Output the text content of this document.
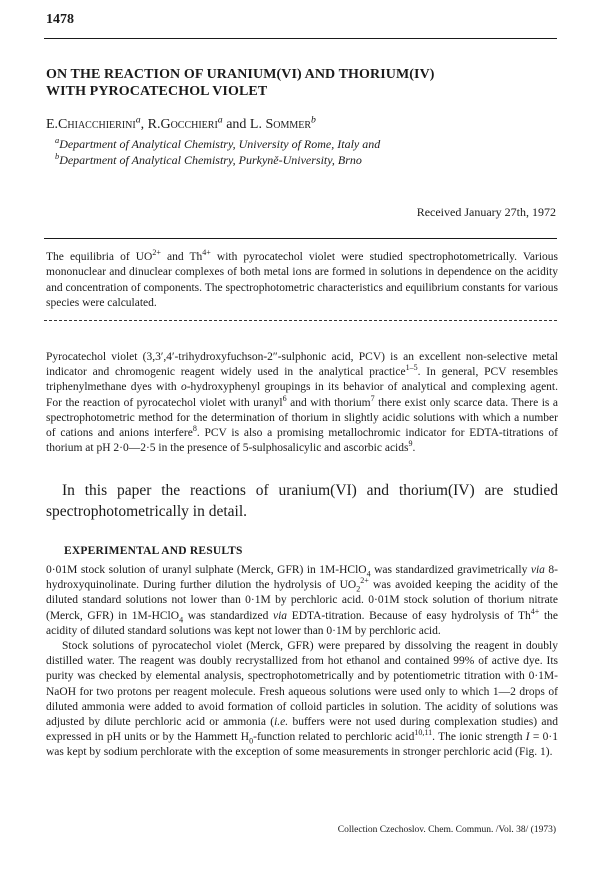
1478
ON THE REACTION OF URANIUM(VI) AND THORIUM(IV)
WITH PYROCATECHOL VIOLET
E.Chiacchierini$^a$, R.Gocchieri$^a$ and L. Sommer$^b$
$^a$Department of Analytical Chemistry, University of Rome, Italy and
$^b$Department of Analytical Chemistry, Purkyně-University, Brno
Received January 27th, 1972

The equilibria of $UO^{2+}$ and $Th^{4+}$ with pyrocatechol violet were studied spectrophotometrically. Various mononuclear and dinuclear complexes of both metal ions are formed in solutions in dependence on the acidity and concentration of components. The spectrophotometric characteristics and equilibrium constants for various species were calculated.

Pyrocatechol violet (3,3′,4′-trihydroxyfuchson-2″-sulphonic acid, PCV) is an excellent non-selective metal indicator and chromogenic reagent widely used in the analytical practice$^{1-5}$. In general, PCV resembles triphenylmethane dyes with o-hydroxyphenyl groupings in its behavior of analytical and complexing agent. For the reaction of pyrocatechol violet with uranyl$^6$ and with thorium$^7$ there exist only scarce data. There is a spectrophotometric method for the determination of thorium in slightly acidic solutions with which a number of cations and anions interfere$^8$. PCV is also a promising metallochromic indicator for EDTA-titrations of thorium at pH 2·0—2·5 in the presence of 5-sulphosalicylic and ascorbic acids$^9$.

In this paper the reactions of uranium(VI) and thorium(IV) are studied spectrophotometrically in detail.
EXPERIMENTAL AND RESULTS

0·01M stock solution of uranyl sulphate (Merck, GFR) in 1M-HClO$_4$ was standardized gravimetrically via 8-hydroxyquinolinate. During further dilution the hydrolysis of $UO_2^{2+}$ was avoided keeping the acidity of the diluted standard solutions not lower than 0·1M by perchloric acid. 0·01M stock solution of thorium nitrate (Merck, GFR) in 1M-HClO$_4$ was standardized via EDTA-titration. Because of easy hydrolysis of $Th^{4+}$ the acidity of diluted standard solutions was kept not lower than 0·1M by perchloric acid.

Stock solutions of pyrocatechol violet (Merck, GFR) were prepared by dissolving the reagent in doubly distilled water. The reagent was doubly recrystallized from hot ethanol and contained 99% of active dye. Its purity was checked by elemental analysis, spectrophotometrically and by potentiometric titration with 0·1M-NaOH for two protons per reagent molecule. Fresh aqueous solutions were used only to which 1—2 drops of diluted ammonia were added to avoid formation of colloid particles in solution. The acidity of solutions was adjusted by dilute perchloric acid or ammonia (i.e. buffers were not used during complexation studies) and expressed in pH units or by the Hammett $H_0$-function related to perchloric acid$^{10,11}$. The ionic strength I = 0·1 was kept by sodium perchlorate with the exception of some measurements in stronger perchloric acid (Fig. 1).

Collection Czechoslov. Chem. Commun. /Vol. 38/ (1973)
